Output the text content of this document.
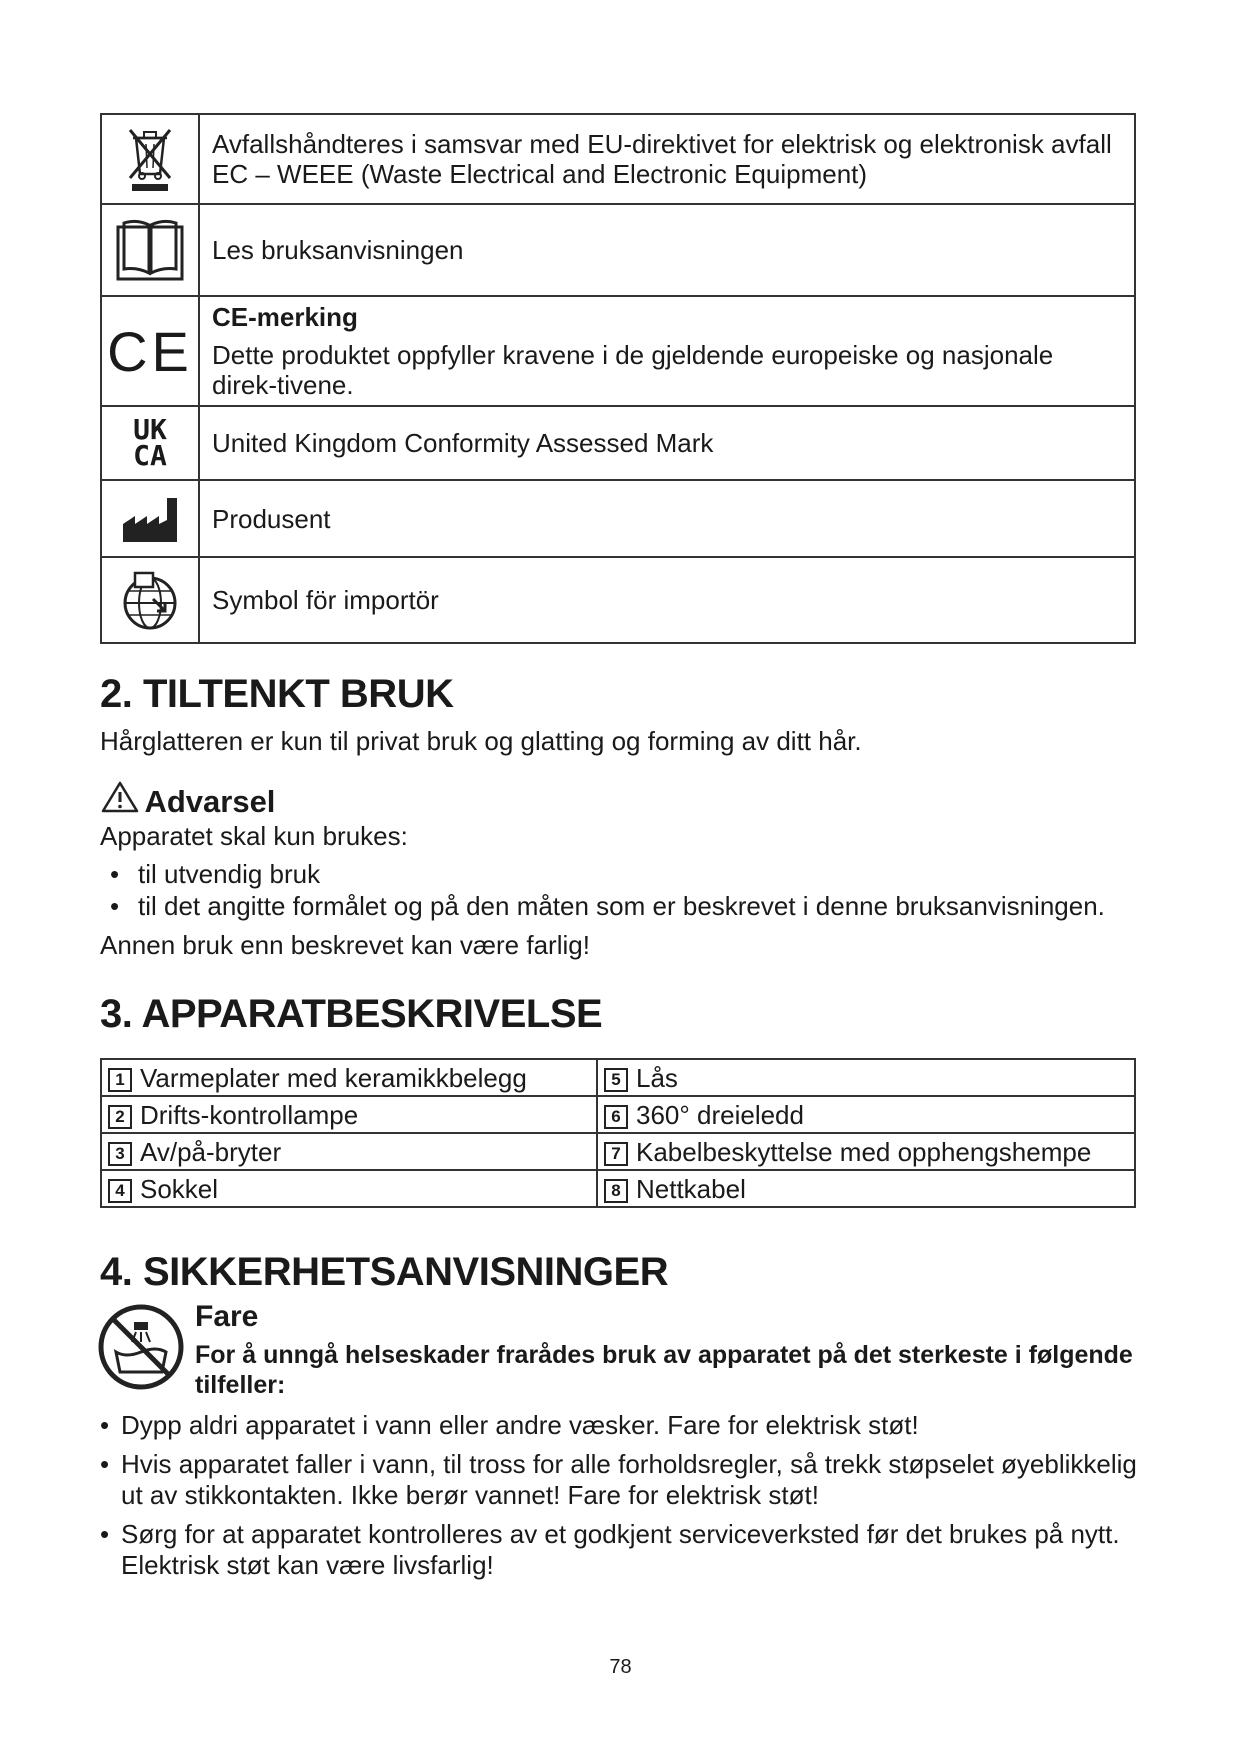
	Avfallshåndteres i samsvar med EU-direktivet for elektrisk og elektronisk avfall EC – WEEE (Waste Electrical and Electronic Equipment)

	Les bruksanvisningen
CE	CE-merking
Dette produktet oppfyller kravene i de gjeldende europeiske og nasjonale direk-tivene.

UK
CA	United Kingdom Conformity Assessed Mark

	Produsent

	Symbol för importör
2. TILTENKT BRUK

Hårglatteren er kun til privat bruk og glatting og forming av ditt hår.

Advarsel

Apparatet skal kun brukes:

• til utvendig bruk
• til det angitte formålet og på den måten som er beskrevet i denne bruksanvisningen.

Annen bruk enn beskrevet kan være farlig!

3. APPARATBESKRIVELSE
1 Varmeplater med keramikkbelegg	5 Lås
2 Drifts-kontrollampe	6 360° dreieledd
3 Av/på-bryter	7 Kabelbeskyttelse med opphengshempe
4 Sokkel	8 Nettkabel
4. SIKKERHETSANVISNINGER
Fare
For å unngå helseskader frarådes bruk av apparatet på det sterkeste i følgende tilfeller:
• Dypp aldri apparatet i vann eller andre væsker. Fare for elektrisk støt!
• Hvis apparatet faller i vann, til tross for alle forholdsregler, så trekk støpselet øyeblikkelig ut av stikkontakten. Ikke berør vannet! Fare for elektrisk støt!
• Sørg for at apparatet kontrolleres av et godkjent serviceverksted før det brukes på nytt. Elektrisk støt kan være livsfarlig!
78
